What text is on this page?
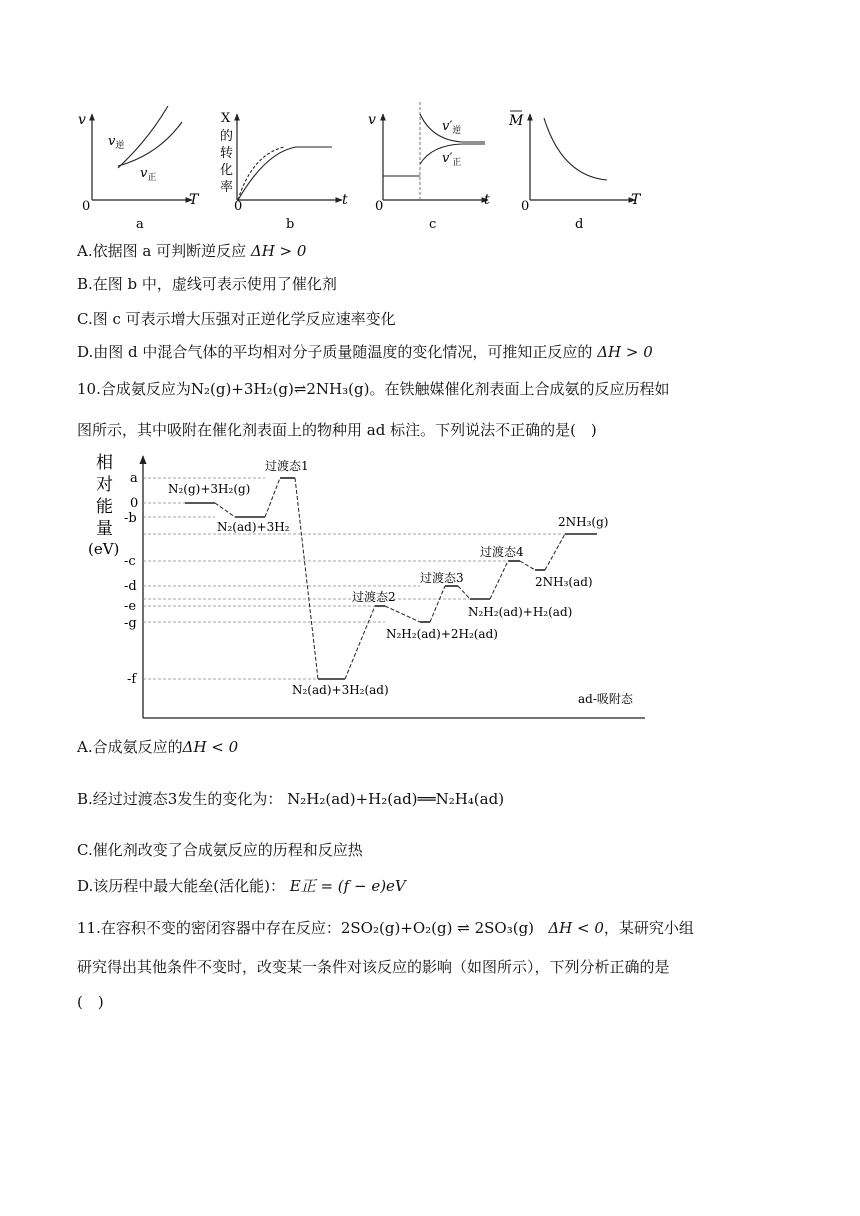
v
T
0
$v_逆$
$v_正$
a
X
的
转
化
率
t
0
b
v
t
0
$v'_逆$
$v'_正$
c
M
T
0
d
A.依据图 a 可判断逆反应 ΔH > 0
B.在图 b 中，虚线可表示使用了催化剂
C.图 c 可表示增大压强对正逆化学反应速率变化
D.由图 d 中混合气体的平均相对分子质量随温度的变化情况，可推知正反应的 ΔH > 0
10.合成氨反应为N₂(g)+3H₂(g)⇌2NH₃(g)。在铁触媒催化剂表面上合成氨的反应历程如
图所示，其中吸附在催化剂表面上的物种用 ad 标注。下列说法不正确的是(　)
相
对
能
量
(eV)
a
0
-b
-c
-d
-e
-g
-f
N₂(g)+3H₂(g)
N₂(ad)+3H₂
过渡态1
N₂(ad)+3H₂(ad)
过渡态2
N₂H₂(ad)+2H₂(ad)
过渡态3
N₂H₂(ad)+H₂(ad)
过渡态4
2NH₃(ad)
2NH₃(g)
ad-吸附态
A.合成氨反应的ΔH < 0
B.经过过渡态3发生的变化为： N₂H₂(ad)+H₂(ad)══N₂H₄(ad)
C.催化剂改变了合成氨反应的历程和反应热
D.该历程中最大能垒(活化能)： E正 = (f − e)eV
11.在容积不变的密闭容器中存在反应：2SO₂(g)+O₂(g) ⇌ 2SO₃(g) ΔH < 0，某研究小组
研究得出其他条件不变时，改变某一条件对该反应的影响（如图所示），下列分析正确的是
(　)
